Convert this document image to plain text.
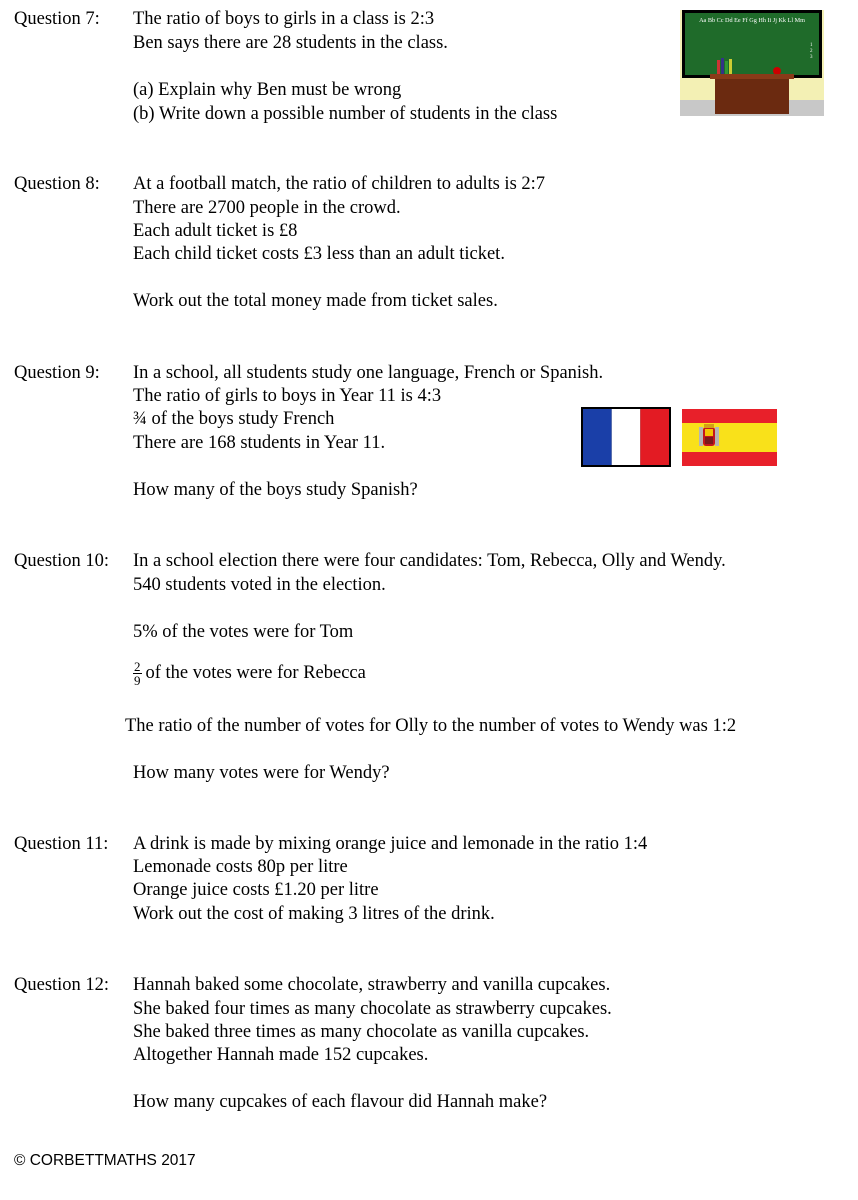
Question 7: The ratio of boys to girls in a class is 2:3
Ben says there are 28 students in the class.
(a) Explain why Ben must be wrong
(b) Write down a possible number of students in the class
Aa Bb Cc Dd Ee Ff Gg Hh Ii Jj Kk Ll Mm
1
2
3
Question 8: At a football match, the ratio of children to adults is 2:7
There are 2700 people in the crowd.
Each adult ticket is £8
Each child ticket costs £3 less than an adult ticket.
Work out the total money made from ticket sales.
Question 9: In a school, all students study one language, French or Spanish.
The ratio of girls to boys in Year 11 is 4:3
¾ of the boys study French
There are 168 students in Year 11.
How many of the boys study Spanish?
Question 10: In a school election there were four candidates: Tom, Rebecca, Olly and Wendy.
540 students voted in the election.
5% of the votes were for Tom
$\frac{2}{9}$ of the votes were for Rebecca
The ratio of the number of votes for Olly to the number of votes to Wendy was 1:2
How many votes were for Wendy?
Question 11: A drink is made by mixing orange juice and lemonade in the ratio 1:4
Lemonade costs 80p per litre
Orange juice costs £1.20 per litre
Work out the cost of making 3 litres of the drink.
Question 12: Hannah baked some chocolate, strawberry and vanilla cupcakes.
She baked four times as many chocolate as strawberry cupcakes.
She baked three times as many chocolate as vanilla cupcakes.
Altogether Hannah made 152 cupcakes.
How many cupcakes of each flavour did Hannah make?
© CORBETTMATHS 2017
